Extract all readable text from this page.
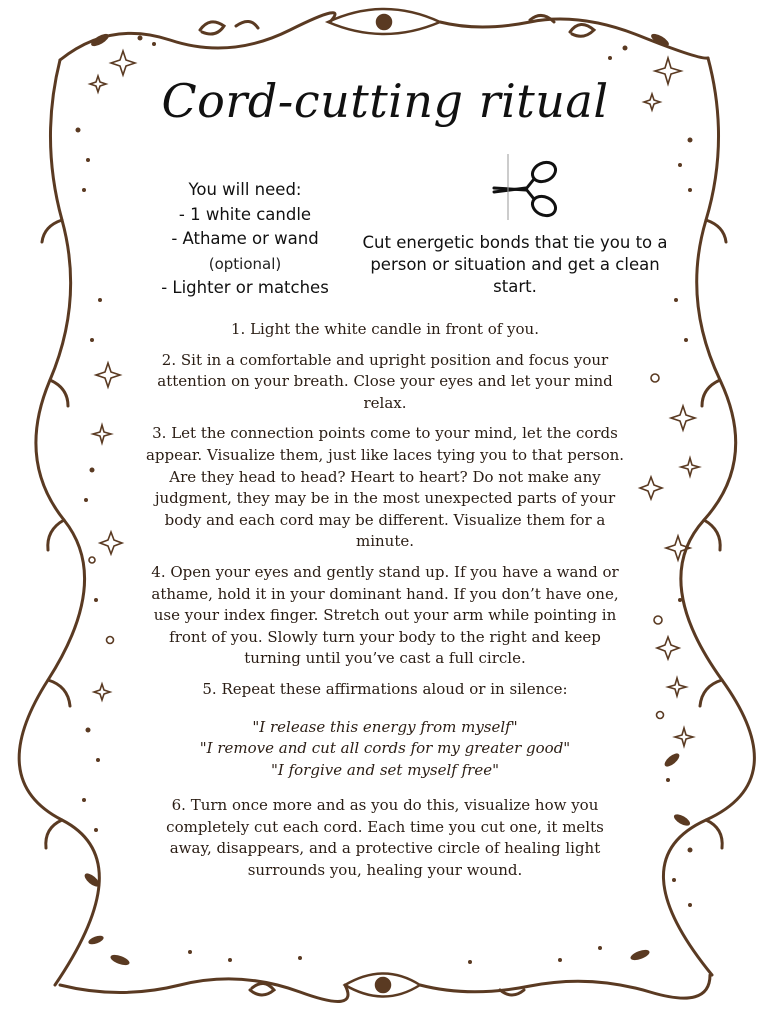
Cord-cutting ritual
You will need:
- 1 white candle
- Athame or wand
(optional)
- Lighter or matches
Cut energetic bonds that tie you to a person or situation and get a clean start.

1. Light the white candle in front of you.

2. Sit in a comfortable and upright position and focus your attention on your breath. Close your eyes and let your mind relax.

3. Let the connection points come to your mind, let the cords appear. Visualize them, just like laces tying you to that person. Are they head to head? Heart to heart? Do not make any judgment, they may be in the most unexpected parts of your body and each cord may be different. Visualize them for a minute.

4. Open your eyes and gently stand up. If you have a wand or athame, hold it in your dominant hand. If you don’t have one, use your index finger. Stretch out your arm while pointing in front of you. Slowly turn your body to the right and keep turning until you’ve cast a full circle.

5. Repeat these affirmations aloud or in silence:

"I release this energy from myself"
"I remove and cut all cords for my greater good"
"I forgive and set myself free"

6. Turn once more and as you do this, visualize how you completely cut each cord. Each time you cut one, it melts away, disappears, and a protective circle of healing light surrounds you, healing your wound.
